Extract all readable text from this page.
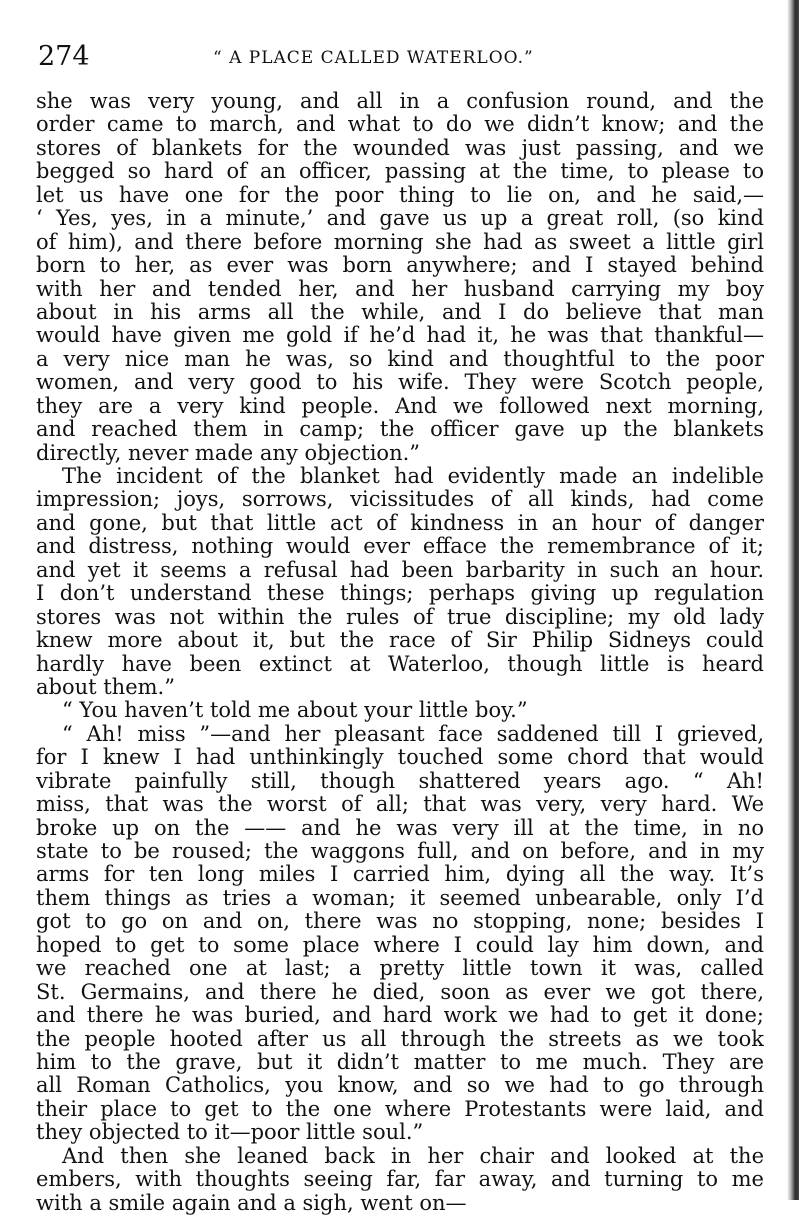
274	“ A PLACE CALLED WATERLOO.”
she was very young, and all in a confusion round, and the
order came to march, and what to do we didn’t know; and the
stores of blankets for the wounded was just passing, and we
begged so hard of an officer, passing at the time, to please to
let us have one for the poor thing to lie on, and he said,—
‘ Yes, yes, in a minute,’ and gave us up a great roll, (so kind
of him), and there before morning she had as sweet a little girl
born to her, as ever was born anywhere; and I stayed behind
with her and tended her, and her husband carrying my boy
about in his arms all the while, and I do believe that man
would have given me gold if he’d had it, he was that thankful—
a very nice man he was, so kind and thoughtful to the poor
women, and very good to his wife. They were Scotch people,
they are a very kind people. And we followed next morning,
and reached them in camp; the officer gave up the blankets
directly, never made any objection.”
The incident of the blanket had evidently made an indelible
impression; joys, sorrows, vicissitudes of all kinds, had come
and gone, but that little act of kindness in an hour of danger
and distress, nothing would ever efface the remembrance of it;
and yet it seems a refusal had been barbarity in such an hour.
I don’t understand these things; perhaps giving up regulation
stores was not within the rules of true discipline; my old lady
knew more about it, but the race of Sir Philip Sidneys could
hardly have been extinct at Waterloo, though little is heard
about them.”
“ You haven’t told me about your little boy.”
“ Ah! miss ”—and her pleasant face saddened till I grieved,
for I knew I had unthinkingly touched some chord that would
vibrate painfully still, though shattered years ago. “ Ah!
miss, that was the worst of all; that was very, very hard. We
broke up on the —— and he was very ill at the time, in no
state to be roused; the waggons full, and on before, and in my
arms for ten long miles I carried him, dying all the way. It’s
them things as tries a woman; it seemed unbearable, only I’d
got to go on and on, there was no stopping, none; besides I
hoped to get to some place where I could lay him down, and
we reached one at last; a pretty little town it was, called
St. Germains, and there he died, soon as ever we got there,
and there he was buried, and hard work we had to get it done;
the people hooted after us all through the streets as we took
him to the grave, but it didn’t matter to me much. They are
all Roman Catholics, you know, and so we had to go through
their place to get to the one where Protestants were laid, and
they objected to it—poor little soul.”
And then she leaned back in her chair and looked at the
embers, with thoughts seeing far, far away, and turning to me
with a smile again and a sigh, went on—
